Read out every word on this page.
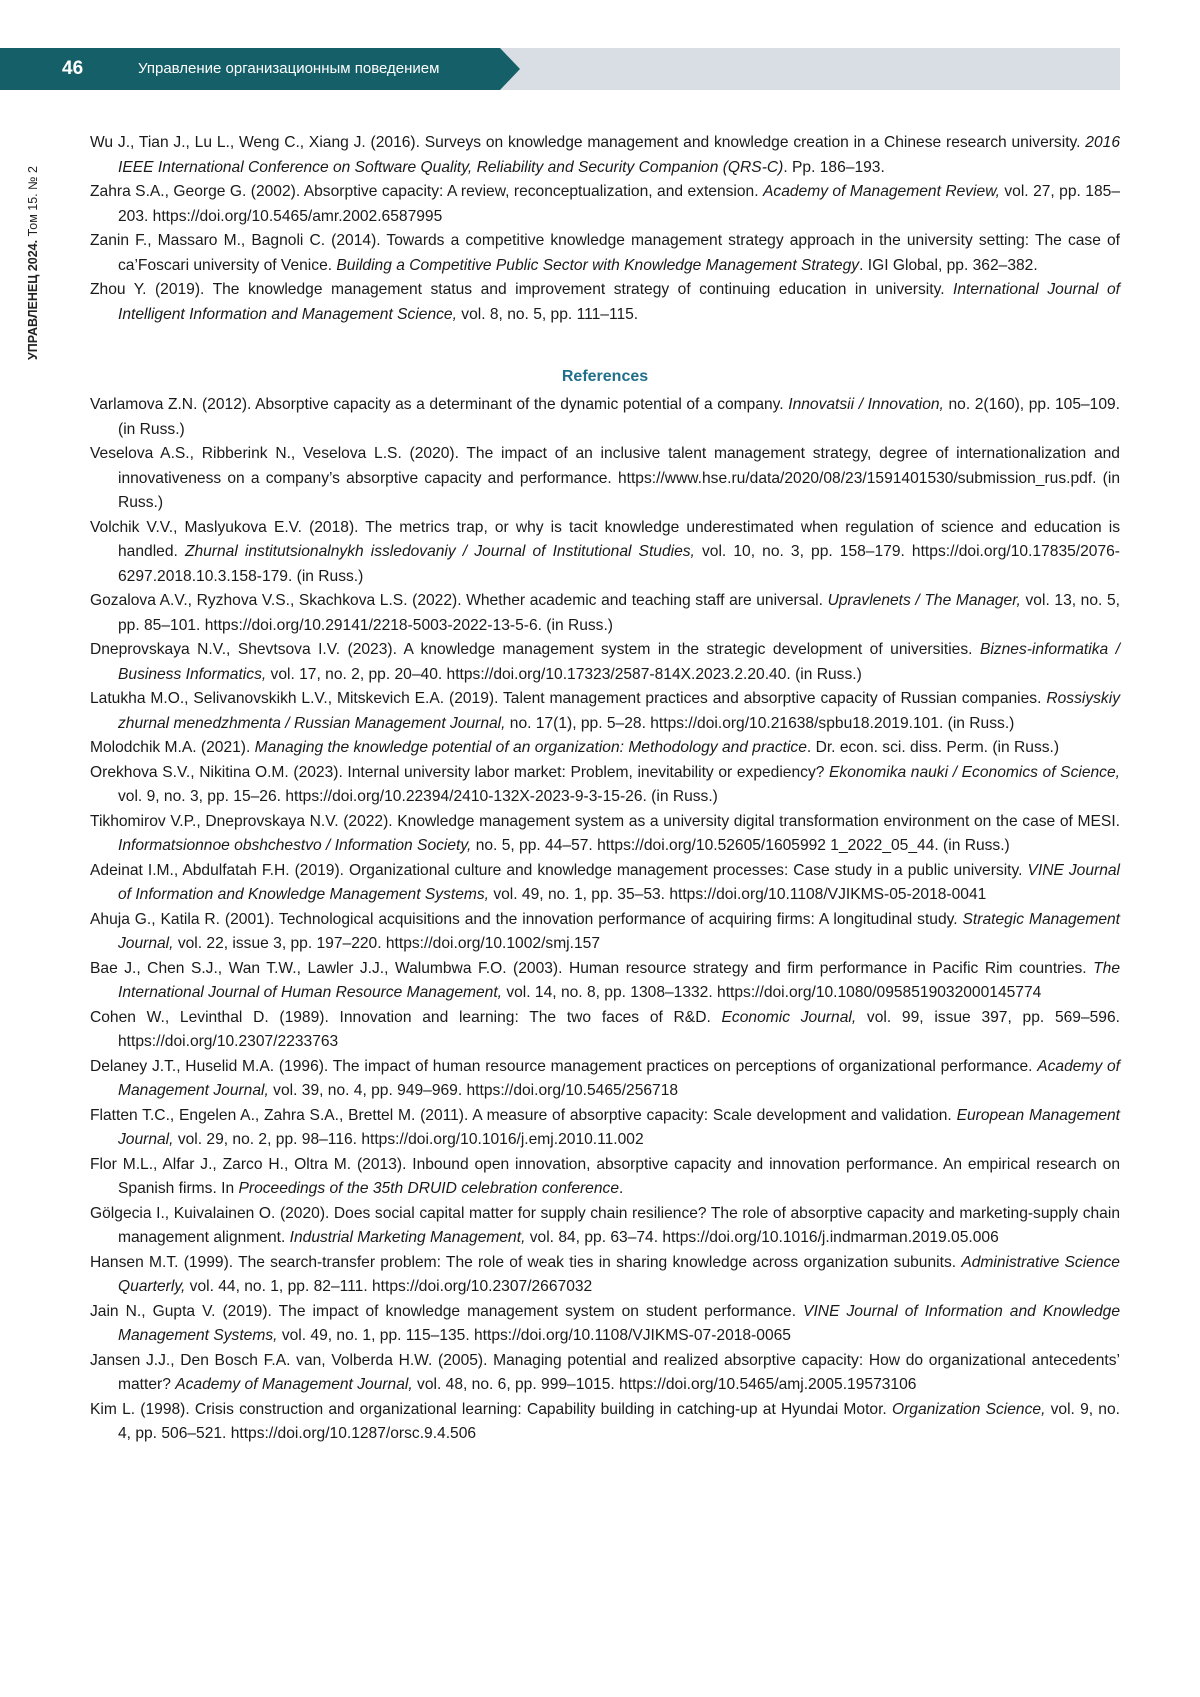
46	Управление организационным поведением
УПРАВЛЕНЕЦ 2024. Том 15. № 2

Wu J., Tian J., Lu L., Weng C., Xiang J. (2016). Surveys on knowledge management and knowledge creation in a Chinese research university. 2016 IEEE International Conference on Software Quality, Reliability and Security Companion (QRS-C). Pp. 186–193.

Zahra S.A., George G. (2002). Absorptive capacity: A review, reconceptualization, and extension. Academy of Management Review, vol. 27, pp. 185–203. https://doi.org/10.5465/amr.2002.6587995

Zanin F., Massaro M., Bagnoli C. (2014). Towards a competitive knowledge management strategy approach in the university setting: The case of ca’Foscari university of Venice. Building a Competitive Public Sector with Knowledge Management Strategy. IGI Global, pp. 362–382.

Zhou Y. (2019). The knowledge management status and improvement strategy of continuing education in university. International Journal of Intelligent Information and Management Science, vol. 8, no. 5, pp. 111–115.

References

Varlamova Z.N. (2012). Absorptive capacity as a determinant of the dynamic potential of a company. Innovatsii / Innovation, no. 2(160), pp. 105–109. (in Russ.)

Veselova A.S., Ribberink N., Veselova L.S. (2020). The impact of an inclusive talent management strategy, degree of internationalization and innovativeness on a company’s absorptive capacity and performance. https://www.hse.ru/data/2020/08/23/1591401530/submission_rus.pdf. (in Russ.)

Volchik V.V., Maslyukova E.V. (2018). The metrics trap, or why is tacit knowledge underestimated when regulation of science and education is handled. Zhurnal institutsionalnykh issledovaniy / Journal of Institutional Studies, vol. 10, no. 3, pp. 158–179. https://doi.org/10.17835/2076-6297.2018.10.3.158-179. (in Russ.)

Gozalova A.V., Ryzhova V.S., Skachkova L.S. (2022). Whether academic and teaching staff are universal. Upravlenets / The Manager, vol. 13, no. 5, pp. 85–101. https://doi.org/10.29141/2218-5003-2022-13-5-6. (in Russ.)

Dneprovskaya N.V., Shevtsova I.V. (2023). A knowledge management system in the strategic development of universities. Biznes-informatika / Business Informatics, vol. 17, no. 2, pp. 20–40. https://doi.org/10.17323/2587-814X.2023.2.20.40. (in Russ.)

Latukha M.O., Selivanovskikh L.V., Mitskevich E.A. (2019). Talent management practices and absorptive capacity of Russian companies. Rossiyskiy zhurnal menedzhmenta / Russian Management Journal, no. 17(1), pp. 5–28. https://doi.org/10.21638/spbu18.2019.101. (in Russ.)

Molodchik M.A. (2021). Managing the knowledge potential of an organization: Methodology and practice. Dr. econ. sci. diss. Perm. (in Russ.)

Orekhova S.V., Nikitina O.M. (2023). Internal university labor market: Problem, inevitability or expediency? Ekonomika nauki / Economics of Science, vol. 9, no. 3, pp. 15–26. https://doi.org/10.22394/2410-132X-2023-9-3-15-26. (in Russ.)

Tikhomirov V.P., Dneprovskaya N.V. (2022). Knowledge management system as a university digital transformation environment on the case of MESI. Informatsionnoe obshchestvo / Information Society, no. 5, pp. 44–57. https://doi.org/10.52605/1605992 1_2022_05_44. (in Russ.)

Adeinat I.M., Abdulfatah F.H. (2019). Organizational culture and knowledge management processes: Case study in a public university. VINE Journal of Information and Knowledge Management Systems, vol. 49, no. 1, pp. 35–53. https://doi.org/10.1108/VJIKMS-05-2018-0041

Ahuja G., Katila R. (2001). Technological acquisitions and the innovation performance of acquiring firms: A longitudinal study. Strategic Management Journal, vol. 22, issue 3, pp. 197–220. https://doi.org/10.1002/smj.157

Bae J., Chen S.J., Wan T.W., Lawler J.J., Walumbwa F.O. (2003). Human resource strategy and firm performance in Pacific Rim countries. The International Journal of Human Resource Management, vol. 14, no. 8, pp. 1308–1332. https://doi.org/10.1080/0958519032000145774

Cohen W., Levinthal D. (1989). Innovation and learning: The two faces of R&D. Economic Journal, vol. 99, issue 397, pp. 569–596. https://doi.org/10.2307/2233763

Delaney J.T., Huselid M.A. (1996). The impact of human resource management practices on perceptions of organizational performance. Academy of Management Journal, vol. 39, no. 4, pp. 949–969. https://doi.org/10.5465/256718

Flatten T.C., Engelen A., Zahra S.A., Brettel M. (2011). A measure of absorptive capacity: Scale development and validation. European Management Journal, vol. 29, no. 2, pp. 98–116. https://doi.org/10.1016/j.emj.2010.11.002

Flor M.L., Alfar J., Zarco H., Oltra M. (2013). Inbound open innovation, absorptive capacity and innovation performance. An empirical research on Spanish firms. In Proceedings of the 35th DRUID celebration conference.

Gölgecia I., Kuivalainen O. (2020). Does social capital matter for supply chain resilience? The role of absorptive capacity and marketing-supply chain management alignment. Industrial Marketing Management, vol. 84, pp. 63–74. https://doi.org/10.1016/j.indmarman.2019.05.006

Hansen M.T. (1999). The search-transfer problem: The role of weak ties in sharing knowledge across organization subunits. Administrative Science Quarterly, vol. 44, no. 1, pp. 82–111. https://doi.org/10.2307/2667032

Jain N., Gupta V. (2019). The impact of knowledge management system on student performance. VINE Journal of Information and Knowledge Management Systems, vol. 49, no. 1, pp. 115–135. https://doi.org/10.1108/VJIKMS-07-2018-0065

Jansen J.J., Den Bosch F.A. van, Volberda H.W. (2005). Managing potential and realized absorptive capacity: How do organizational antecedents’ matter? Academy of Management Journal, vol. 48, no. 6, pp. 999–1015. https://doi.org/10.5465/amj.2005.19573106

Kim L. (1998). Crisis construction and organizational learning: Capability building in catching-up at Hyundai Motor. Organization Science, vol. 9, no. 4, pp. 506–521. https://doi.org/10.1287/orsc.9.4.506
